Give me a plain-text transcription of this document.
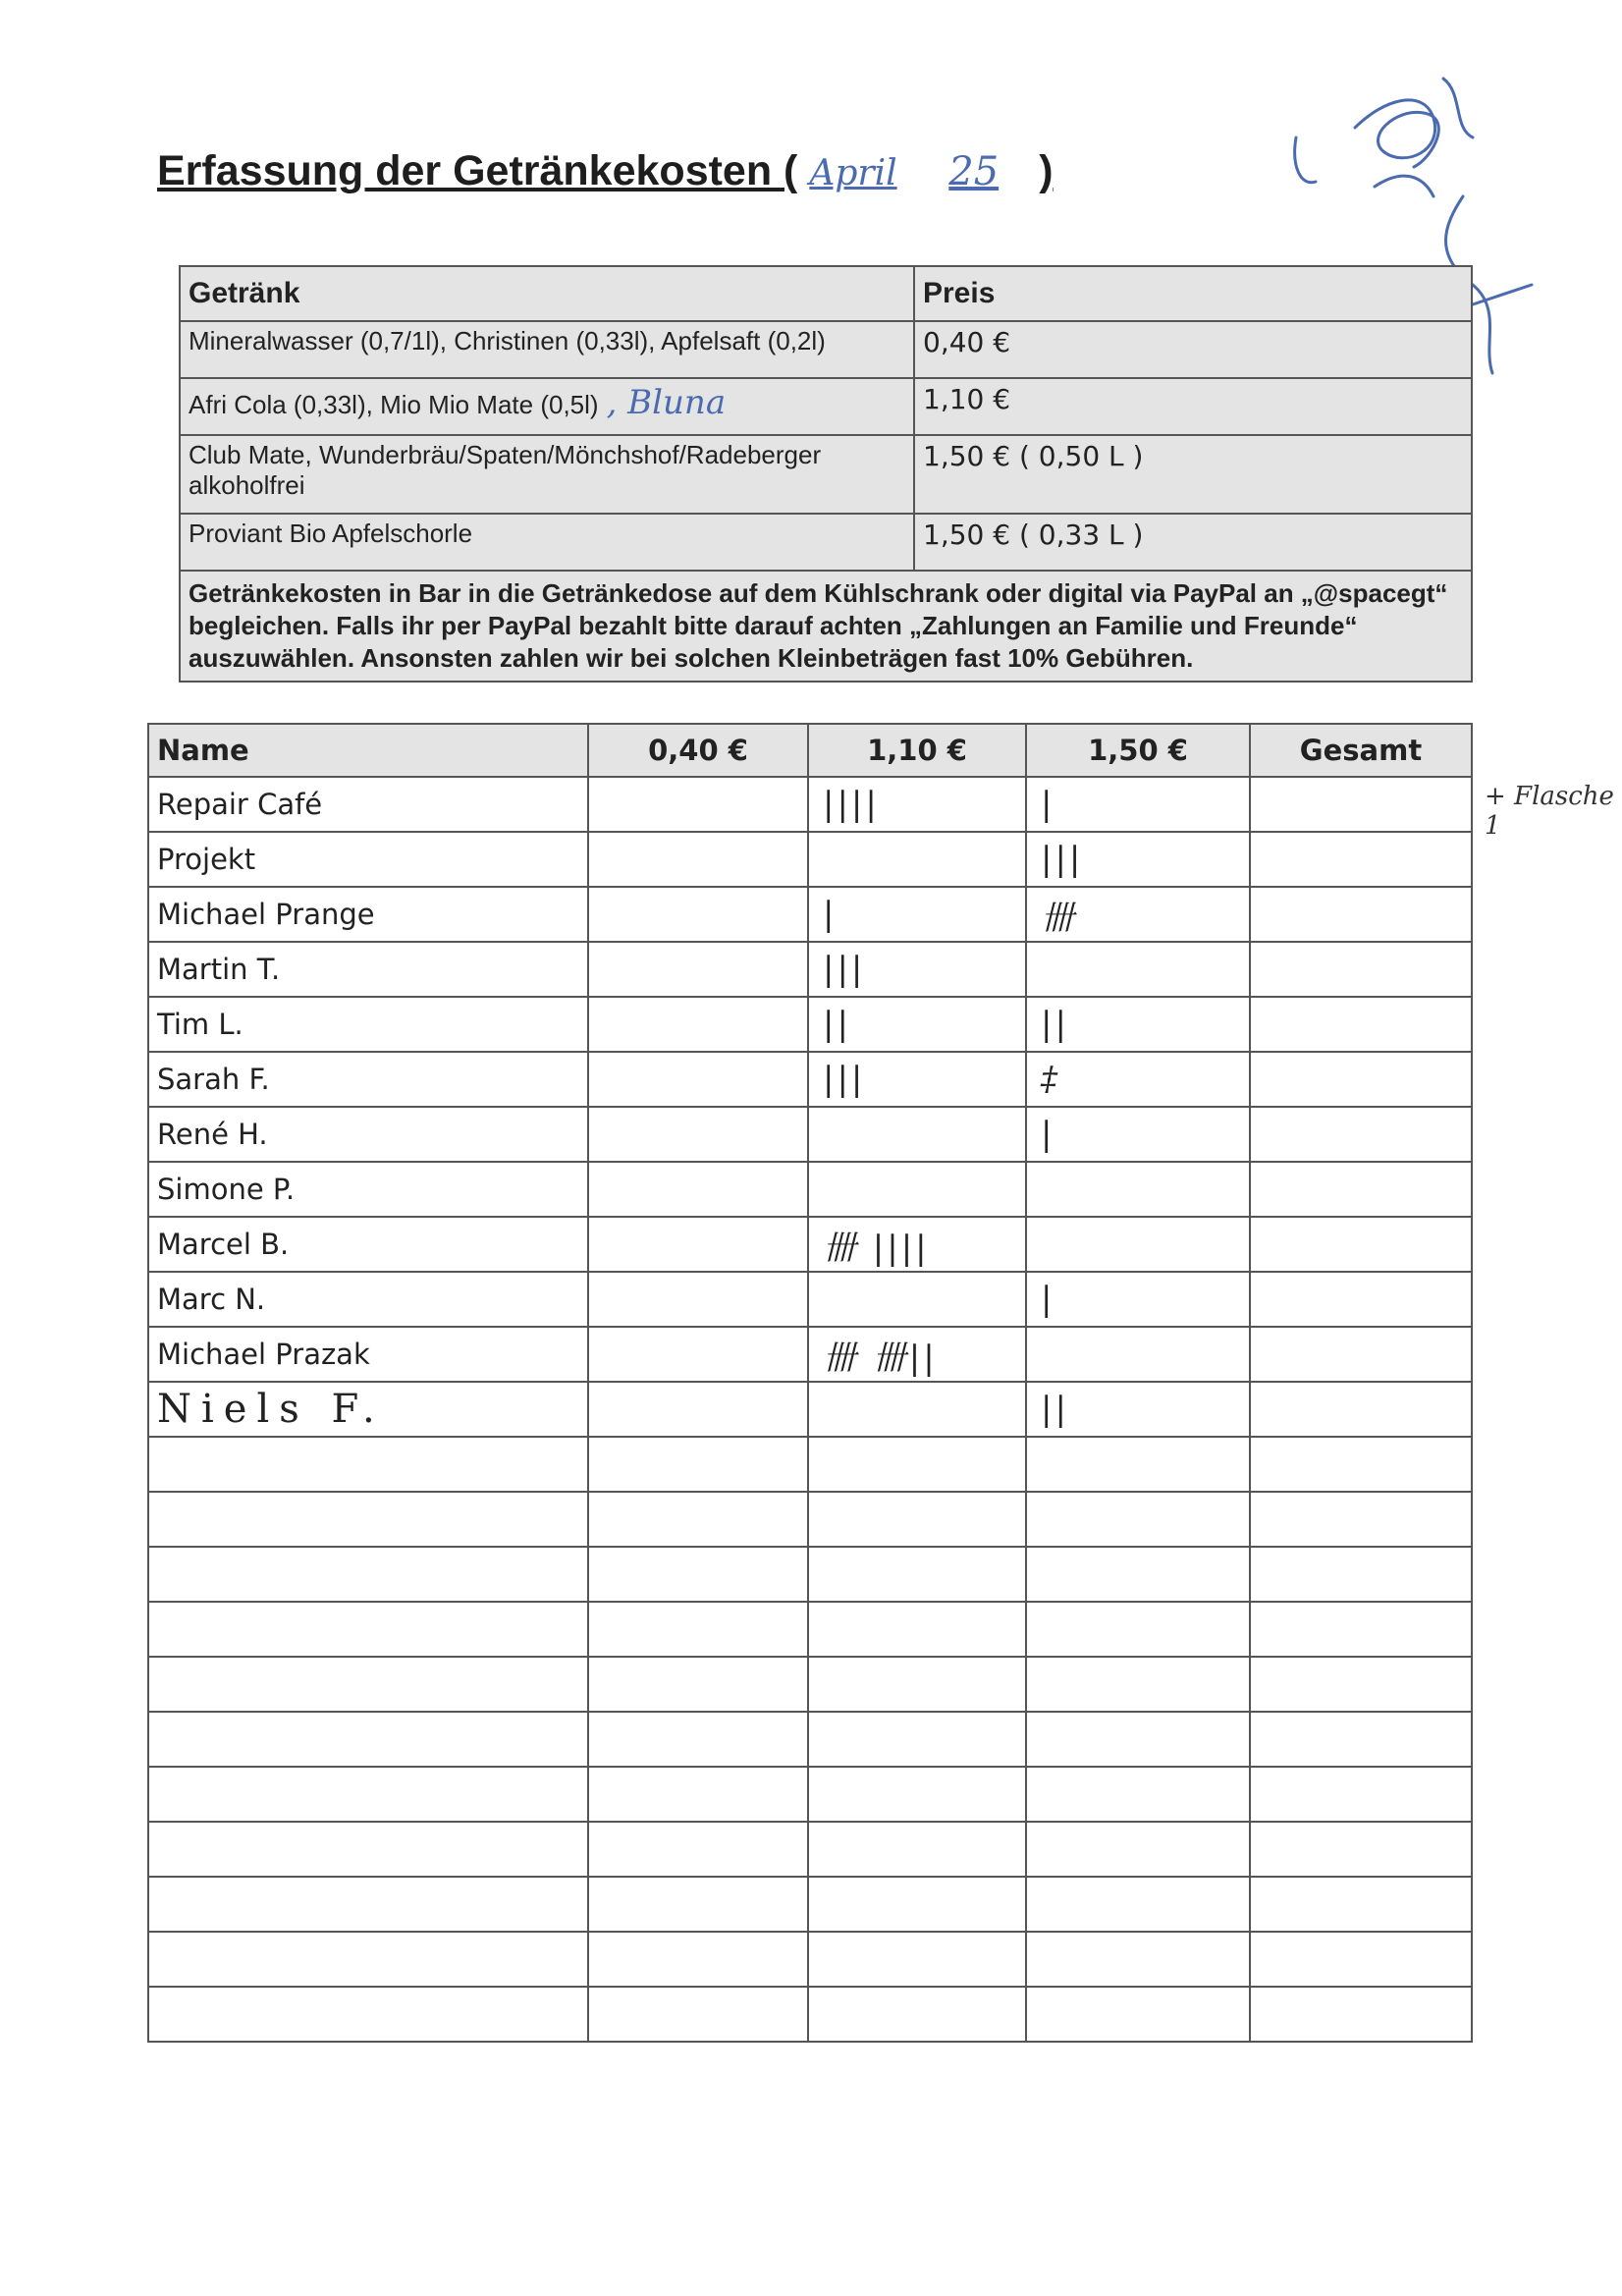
Erfassung der Getränkekosten ( April 25 )
Getränk	Preis
Mineralwasser (0,7/1l), Christinen (0,33l), Apfelsaft (0,2l)	0,40 €
Afri Cola (0,33l), Mio Mio Mate (0,5l) , Bluna	1,10 €
Club Mate, Wunderbräu/Spaten/Mönchshof/Radeberger alkoholfrei	1,50 € ( 0,50 L )
Proviant Bio Apfelschorle	1,50 € ( 0,33 L )
Getränkekosten in Bar in die Getränkedose auf dem Kühlschrank oder digital via PayPal an „@spacegt“ begleichen. Falls ihr per PayPal bezahlt bitte darauf achten „Zahlungen an Familie und Freunde“ auszuwählen. Ansonsten zahlen wir bei solchen Kleinbeträgen fast 10% Gebühren.	
Name	0,40 €	1,10 €	1,50 €	Gesamt
Repair Café		||||	|	
Projekt			|||	
Michael Prange		|	卌	
Martin T.		|||		
Tim L.		||	||	
Sarah F.		|||	‡	
René H.			|	
Simone P.				
Marcel B.		卌 ||||		
Marc N.			|	
Michael Prazak		卌 卌||		
Niels F.			||	

+ Flasche 1
